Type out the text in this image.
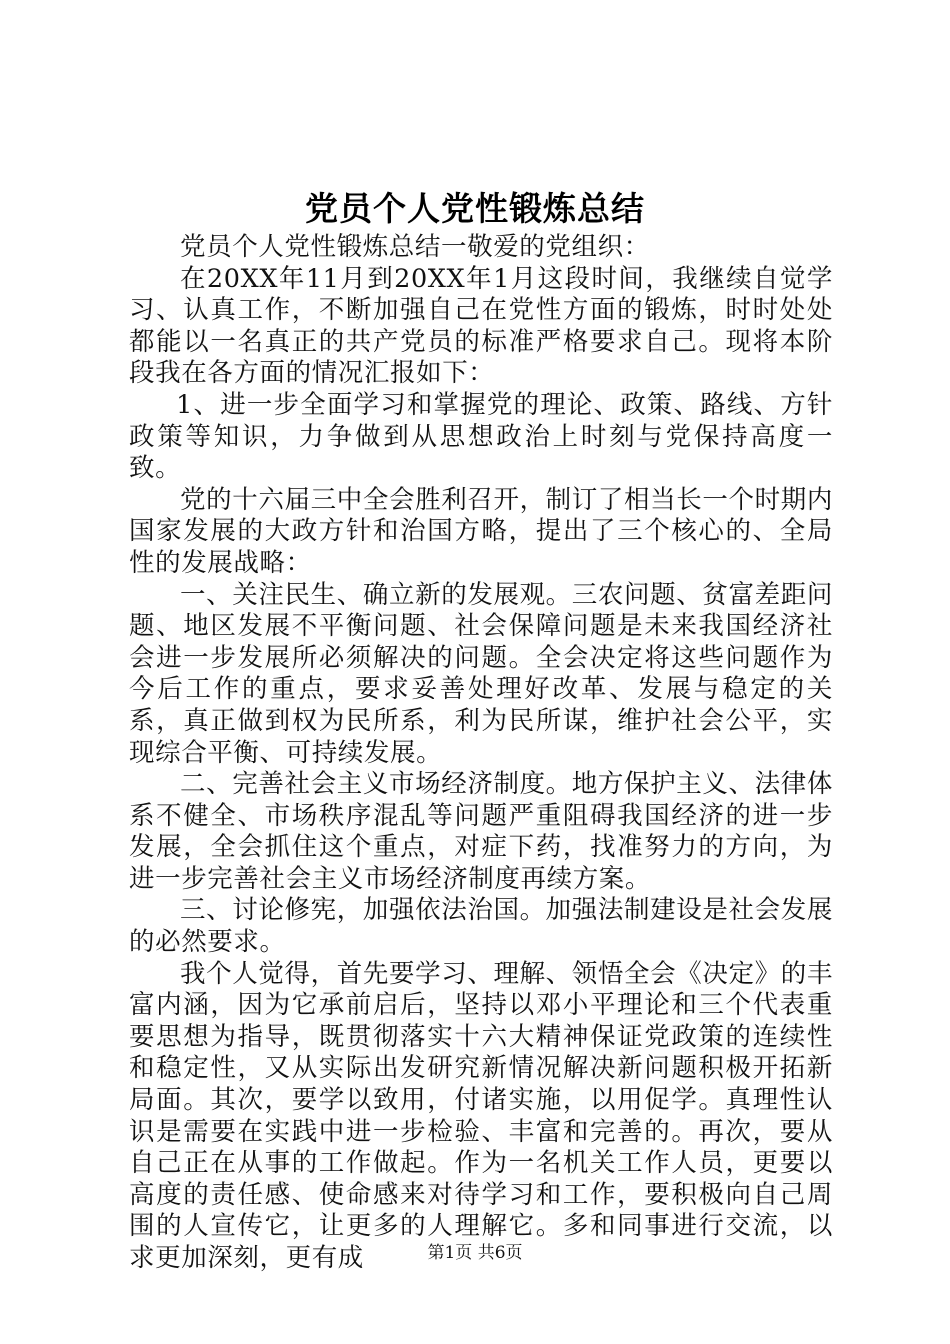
党员个人党性锻炼总结

党员个人党性锻炼总结一敬爱的党组织：

在20XX年11月到20XX年1月这段时间，我继续自觉学习、认真工作，不断加强自己在党性方面的锻炼，时时处处都能以一名真正的共产党员的标准严格要求自己。现将本阶段我在各方面的情况汇报如下：

1、进一步全面学习和掌握党的理论、政策、路线、方针政策等知识，力争做到从思想政治上时刻与党保持高度一致。

党的十六届三中全会胜利召开，制订了相当长一个时期内国家发展的大政方针和治国方略，提出了三个核心的、全局性的发展战略：

一、关注民生、确立新的发展观。三农问题、贫富差距问题、地区发展不平衡问题、社会保障问题是未来我国经济社会进一步发展所必须解决的问题。全会决定将这些问题作为今后工作的重点，要求妥善处理好改革、发展与稳定的关系，真正做到权为民所系，利为民所谋，维护社会公平，实现综合平衡、可持续发展。

二、完善社会主义市场经济制度。地方保护主义、法律体系不健全、市场秩序混乱等问题严重阻碍我国经济的进一步发展，全会抓住这个重点，对症下药，找准努力的方向，为进一步完善社会主义市场经济制度再续方案。

三、讨论修宪，加强依法治国。加强法制建设是社会发展的必然要求。

我个人觉得，首先要学习、理解、领悟全会《决定》的丰富内涵，因为它承前启后，坚持以邓小平理论和三个代表重要思想为指导，既贯彻落实十六大精神保证党政策的连续性和稳定性，又从实际出发研究新情况解决新问题积极开拓新局面。其次，要学以致用，付诸实施，以用促学。真理性认识是需要在实践中进一步检验、丰富和完善的。再次，要从自己正在从事的工作做起。作为一名机关工作人员，更要以高度的责任感、使命感来对待学习和工作，要积极向自己周围的人宣传它，让更多的人理解它。多和同事进行交流，以求更加深刻，更有成	第1页 共6页
